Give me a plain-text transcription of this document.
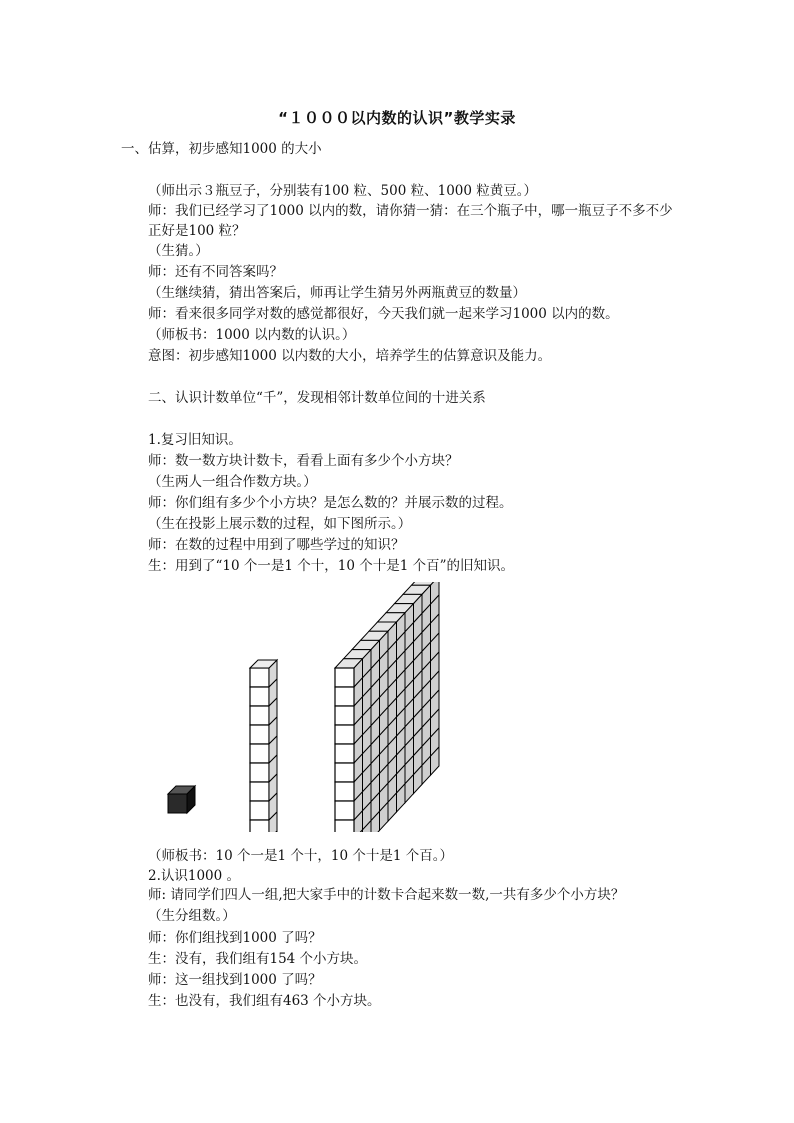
“１０００以内数的认识”教学实录
一、估算，初步感知1000 的大小
（师出示３瓶豆子，分别装有100 粒、500 粒、1000 粒黄豆。）
师：我们已经学习了1000 以内的数，请你猜一猜：在三个瓶子中，哪一瓶豆子不多不少正好是100 粒？
（生猜。）
师：还有不同答案吗？
（生继续猜，猜出答案后，师再让学生猜另外两瓶黄豆的数量）
师：看来很多同学对数的感觉都很好，今天我们就一起来学习1000 以内的数。
（师板书：1000 以内数的认识。）
意图：初步感知1000 以内数的大小，培养学生的估算意识及能力。
二、认识计数单位“千”，发现相邻计数单位间的十进关系
1.复习旧知识。
师：数一数方块计数卡，看看上面有多少个小方块？
（生两人一组合作数方块。）
师：你们组有多少个小方块？是怎么数的？并展示数的过程。
（生在投影上展示数的过程，如下图所示。）
师：在数的过程中用到了哪些学过的知识？
生：用到了“10 个一是1 个十，10 个十是1 个百”的旧知识。
（师板书：10 个一是1 个十，10 个十是1 个百。）
2.认识1000 。
师: 请同学们四人一组,把大家手中的计数卡合起来数一数,一共有多少个小方块？
（生分组数。）
师：你们组找到1000 了吗？
生：没有，我们组有154 个小方块。
师：这一组找到1000 了吗？
生：也没有，我们组有463 个小方块。
